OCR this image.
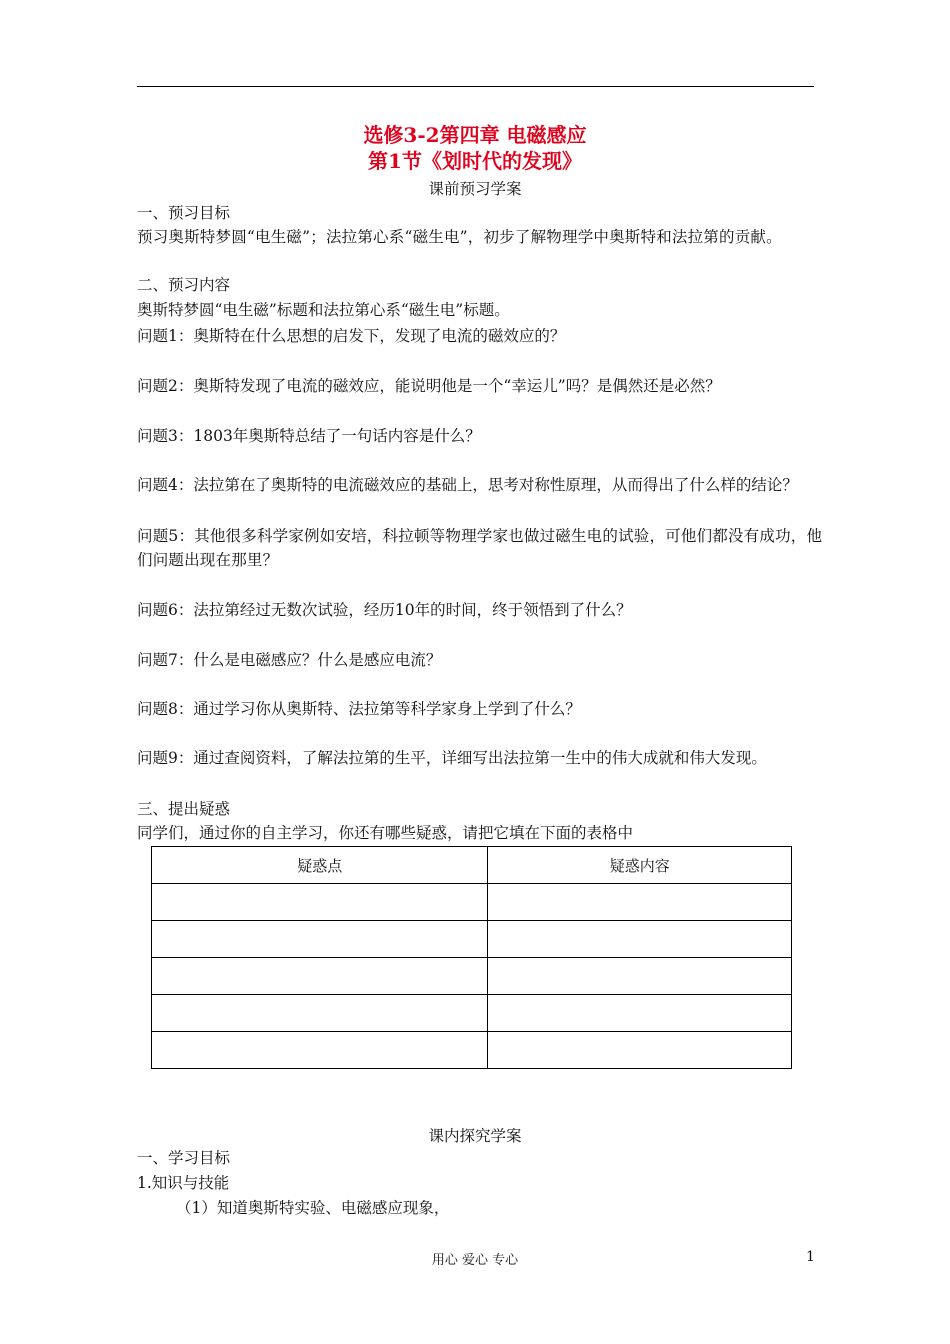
选修3-2第四章 电磁感应
第1节《划时代的发现》
课前预习学案
一、预习目标
预习奥斯特梦圆“电生磁”；法拉第心系“磁生电”，初步了解物理学中奥斯特和法拉第的贡献。
二、预习内容
奥斯特梦圆“电生磁”标题和法拉第心系“磁生电”标题。
问题1：奥斯特在什么思想的启发下，发现了电流的磁效应的？
问题2：奥斯特发现了电流的磁效应，能说明他是一个“幸运儿”吗？是偶然还是必然？
问题3：1803年奥斯特总结了一句话内容是什么？
问题4：法拉第在了奥斯特的电流磁效应的基础上，思考对称性原理，从而得出了什么样的结论？
问题5：其他很多科学家例如安培，科拉顿等物理学家也做过磁生电的试验，可他们都没有成功，他们问题出现在那里？
问题6：法拉第经过无数次试验，经历10年的时间，终于领悟到了什么？
问题7：什么是电磁感应？什么是感应电流？
问题8：通过学习你从奥斯特、法拉第等科学家身上学到了什么？
问题9：通过查阅资料，了解法拉第的生平，详细写出法拉第一生中的伟大成就和伟大发现。
三、提出疑惑
同学们，通过你的自主学习，你还有哪些疑惑，请把它填在下面的表格中
疑惑点	疑惑内容

课内探究学案
一、学习目标
1.知识与技能
（1）知道奥斯特实验、电磁感应现象，
用心 爱心 专心	1
